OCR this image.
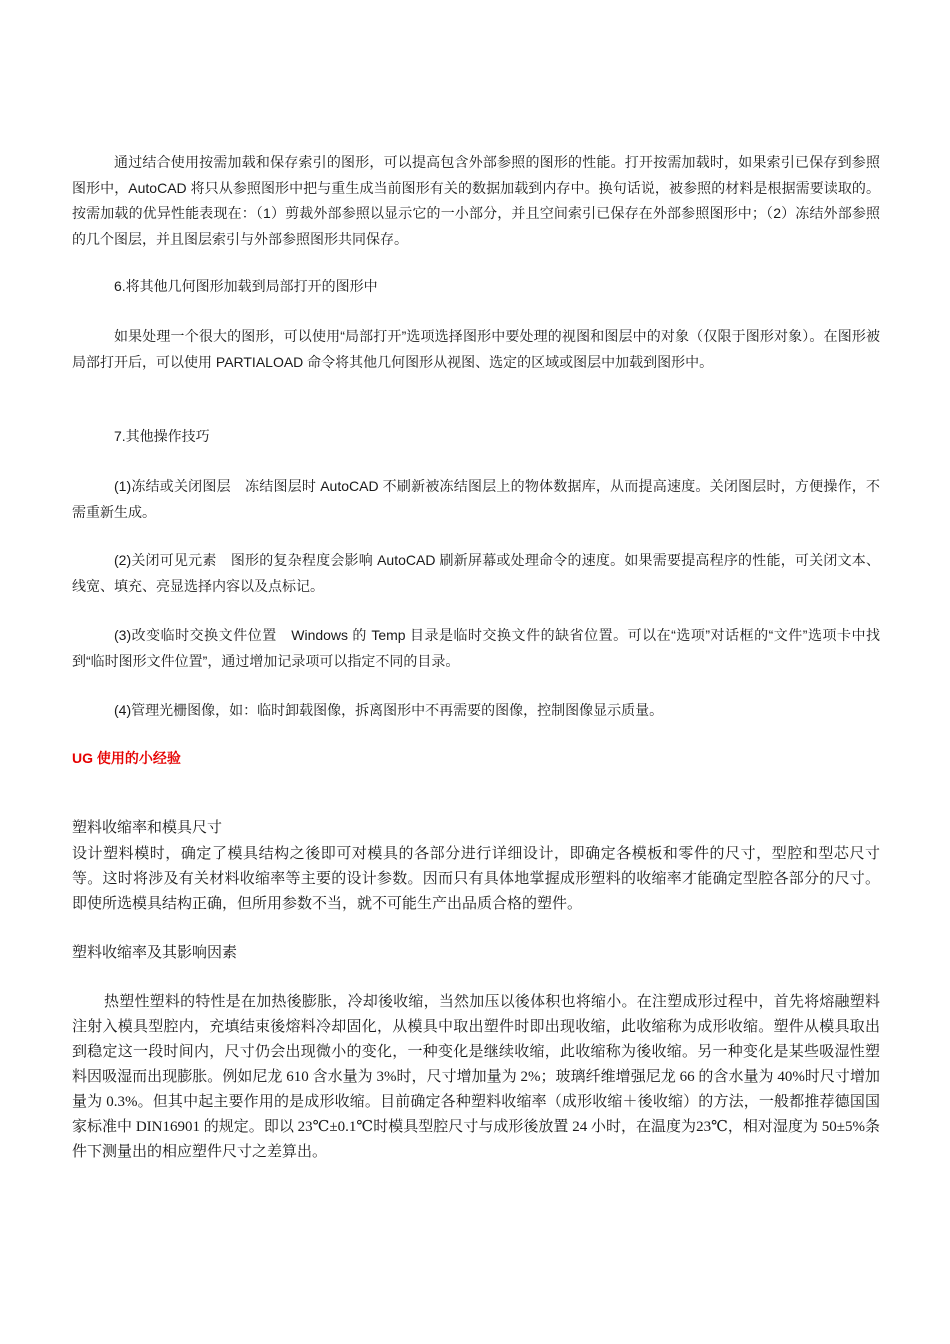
通过结合使用按需加载和保存索引的图形，可以提高包含外部参照的图形的性能。打开按需加载时，如果索引已保存到参照图形中，AutoCAD 将只从参照图形中把与重生成当前图形有关的数据加载到内存中。换句话说，被参照的材料是根据需要读取的。按需加载的优异性能表现在：（1）剪裁外部参照以显示它的一小部分，并且空间索引已保存在外部参照图形中；（2）冻结外部参照的几个图层，并且图层索引与外部参照图形共同保存。

6.将其他几何图形加载到局部打开的图形中

如果处理一个很大的图形，可以使用“局部打开”选项选择图形中要处理的视图和图层中的对象（仅限于图形对象）。在图形被局部打开后，可以使用 PARTIALOAD 命令将其他几何图形从视图、选定的区域或图层中加载到图形中。

7.其他操作技巧

(1)冻结或关闭图层　冻结图层时 AutoCAD 不刷新被冻结图层上的物体数据库，从而提高速度。关闭图层时，方便操作，不需重新生成。

(2)关闭可见元素　图形的复杂程度会影响 AutoCAD 刷新屏幕或处理命令的速度。如果需要提高程序的性能，可关闭文本、线宽、填充、亮显选择内容以及点标记。

(3)改变临时交换文件位置　Windows 的 Temp 目录是临时交换文件的缺省位置。可以在“选项”对话框的“文件”选项卡中找到“临时图形文件位置”，通过增加记录项可以指定不同的目录。

(4)管理光栅图像，如：临时卸载图像，拆离图形中不再需要的图像，控制图像显示质量。

UG 使用的小经验

塑料收缩率和模具尺寸

设计塑料模时，确定了模具结构之後即可对模具的各部分进行详细设计，即确定各模板和零件的尺寸，型腔和型芯尺寸等。这时将涉及有关材料收缩率等主要的设计参数。因而只有具体地掌握成形塑料的收缩率才能确定型腔各部分的尺寸。即使所选模具结构正确，但所用参数不当，就不可能生产出品质合格的塑件。

塑料收缩率及其影响因素

热塑性塑料的特性是在加热後膨胀，冷却後收缩，当然加压以後体积也将缩小。在注塑成形过程中，首先将熔融塑料注射入模具型腔内，充填结束後熔料冷却固化，从模具中取出塑件时即出现收缩，此收缩称为成形收缩。塑件从模具取出到稳定这一段时间内，尺寸仍会出现微小的变化，一种变化是继续收缩，此收缩称为後收缩。另一种变化是某些吸湿性塑料因吸湿而出现膨胀。例如尼龙 610 含水量为 3%时，尺寸增加量为 2%；玻璃纤维增强尼龙 66 的含水量为 40%时尺寸增加量为 0.3%。但其中起主要作用的是成形收缩。目前确定各种塑料收缩率（成形收缩＋後收缩）的方法，一般都推荐德国国家标准中 DIN16901 的规定。即以 23℃±0.1℃时模具型腔尺寸与成形後放置 24 小时，在温度为23℃，相对湿度为 50±5%条件下测量出的相应塑件尺寸之差算出。
